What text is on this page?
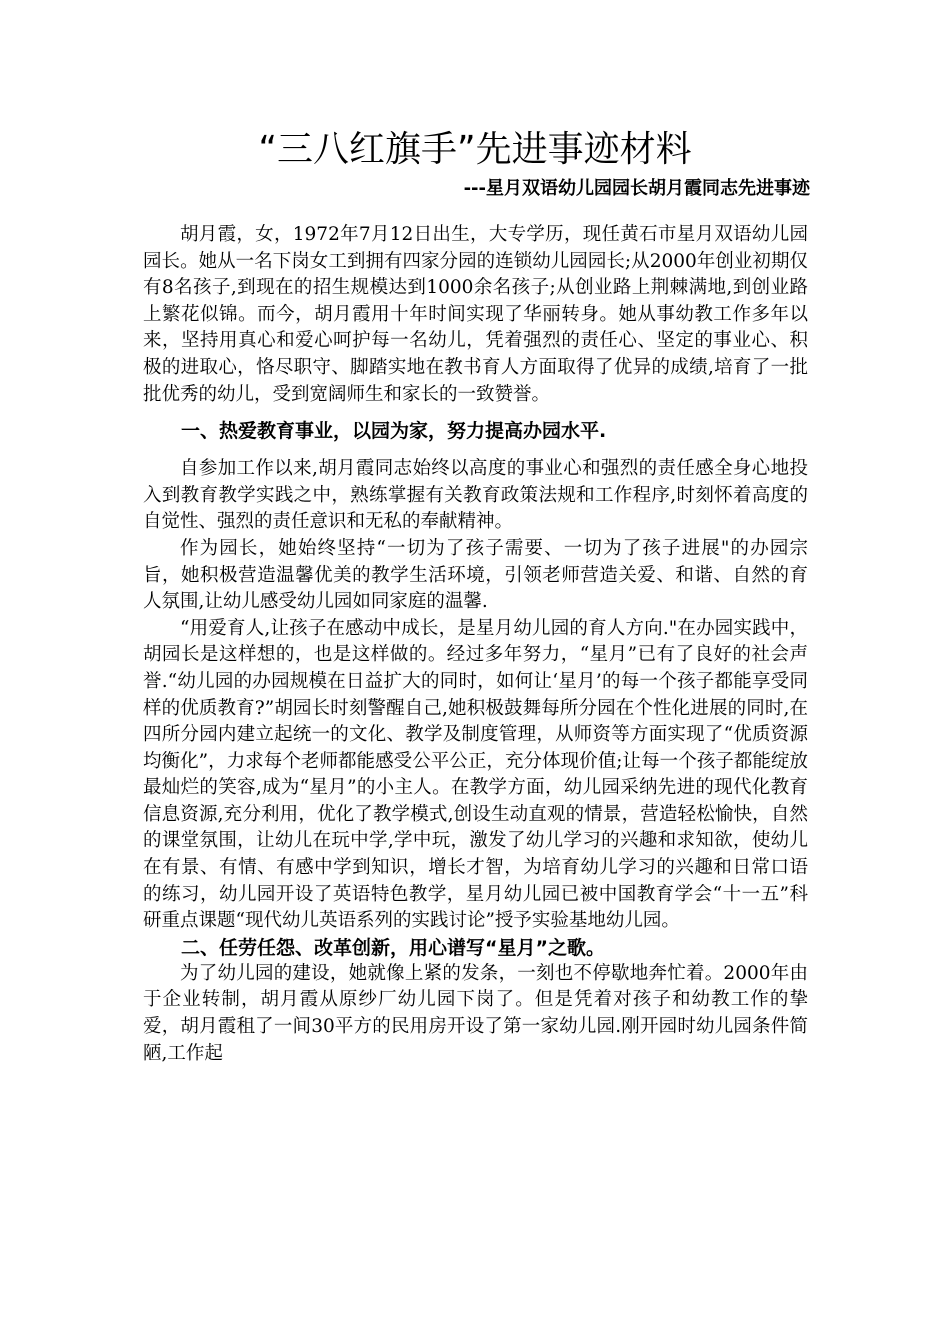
“三八红旗手”先进事迹材料
---星月双语幼儿园园长胡月霞同志先进事迹

胡月霞，女，1972年7月12日出生，大专学历，现任黄石市星月双语幼儿园园长。她从一名下岗女工到拥有四家分园的连锁幼儿园园长;从2000年创业初期仅有8名孩子,到现在的招生规模达到1000余名孩子;从创业路上荆棘满地,到创业路上繁花似锦。而今，胡月霞用十年时间实现了华丽转身。她从事幼教工作多年以来，坚持用真心和爱心呵护每一名幼儿，凭着强烈的责任心、坚定的事业心、积极的进取心，恪尽职守、脚踏实地在教书育人方面取得了优异的成绩,培育了一批批优秀的幼儿，受到宽阔师生和家长的一致赞誉。

一、热爱教育事业，以园为家，努力提高办园水平.

自参加工作以来,胡月霞同志始终以高度的事业心和强烈的责任感全身心地投入到教育教学实践之中，熟练掌握有关教育政策法规和工作程序,时刻怀着高度的自觉性、强烈的责任意识和无私的奉献精神。

作为园长，她始终坚持“一切为了孩子需要、一切为了孩子进展"的办园宗旨，她积极营造温馨优美的教学生活环境，引领老师营造关爱、和谐、自然的育人氛围,让幼儿感受幼儿园如同家庭的温馨.

“用爱育人,让孩子在感动中成长，是星月幼儿园的育人方向."在办园实践中，胡园长是这样想的，也是这样做的。经过多年努力，“星月”已有了良好的社会声誉.“幼儿园的办园规模在日益扩大的同时，如何让‘星月’的每一个孩子都能享受同样的优质教育?”胡园长时刻警醒自己,她积极鼓舞每所分园在个性化进展的同时,在四所分园内建立起统一的文化、教学及制度管理，从师资等方面实现了“优质资源均衡化”，力求每个老师都能感受公平公正，充分体现价值;让每一个孩子都能绽放最灿烂的笑容,成为“星月”的小主人。在教学方面，幼儿园采纳先进的现代化教育信息资源,充分利用，优化了教学模式,创设生动直观的情景，营造轻松愉快，自然的课堂氛围，让幼儿在玩中学,学中玩，激发了幼儿学习的兴趣和求知欲，使幼儿在有景、有情、有感中学到知识，增长才智，为培育幼儿学习的兴趣和日常口语的练习，幼儿园开设了英语特色教学，星月幼儿园已被中国教育学会“十一五”科研重点课题“现代幼儿英语系列的实践讨论”授予实验基地幼儿园。

二、任劳任怨、改革创新，用心谱写“星月”之歌。

为了幼儿园的建设，她就像上紧的发条，一刻也不停歇地奔忙着。2000年由于企业转制，胡月霞从原纱厂幼儿园下岗了。但是凭着对孩子和幼教工作的挚爱，胡月霞租了一间30平方的民用房开设了第一家幼儿园.刚开园时幼儿园条件简陋,工作起
